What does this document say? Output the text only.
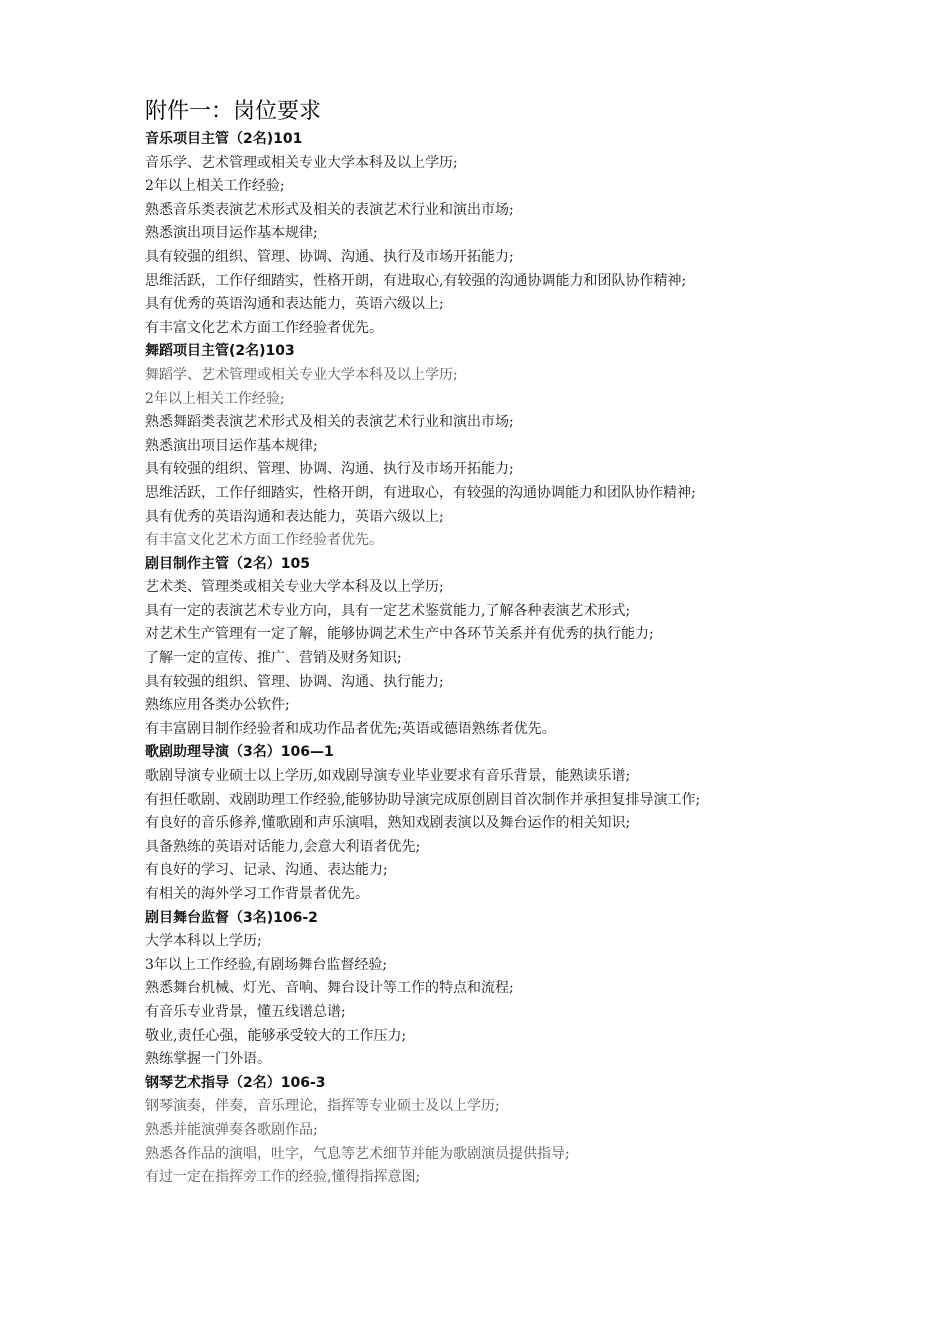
附件一：岗位要求

音乐项目主管（2名)101

音乐学、艺术管理或相关专业大学本科及以上学历;

2年以上相关工作经验;

熟悉音乐类表演艺术形式及相关的表演艺术行业和演出市场;

熟悉演出项目运作基本规律;

具有较强的组织、管理、协调、沟通、执行及市场开拓能力;

思维活跃，工作仔细踏实，性格开朗，有进取心,有较强的沟通协调能力和团队协作精神;

具有优秀的英语沟通和表达能力，英语六级以上;

有丰富文化艺术方面工作经验者优先。

舞蹈项目主管(2名)103

舞蹈学、艺术管理或相关专业大学本科及以上学历;

2年以上相关工作经验;

熟悉舞蹈类表演艺术形式及相关的表演艺术行业和演出市场;

熟悉演出项目运作基本规律;

具有较强的组织、管理、协调、沟通、执行及市场开拓能力;

思维活跃，工作仔细踏实，性格开朗，有进取心，有较强的沟通协调能力和团队协作精神;

具有优秀的英语沟通和表达能力，英语六级以上;

有丰富文化艺术方面工作经验者优先。

剧目制作主管（2名）105

艺术类、管理类或相关专业大学本科及以上学历;

具有一定的表演艺术专业方向，具有一定艺术鉴赏能力,了解各种表演艺术形式;

对艺术生产管理有一定了解，能够协调艺术生产中各环节关系并有优秀的执行能力;

了解一定的宣传、推广、营销及财务知识;

具有较强的组织、管理、协调、沟通、执行能力;

熟练应用各类办公软件;

有丰富剧目制作经验者和成功作品者优先;英语或德语熟练者优先。

歌剧助理导演（3名）106—1

歌剧导演专业硕士以上学历,如戏剧导演专业毕业要求有音乐背景，能熟读乐谱;

有担任歌剧、戏剧助理工作经验,能够协助导演完成原创剧目首次制作并承担复排导演工作;

有良好的音乐修养,懂歌剧和声乐演唱，熟知戏剧表演以及舞台运作的相关知识;

具备熟练的英语对话能力,会意大利语者优先;

有良好的学习、记录、沟通、表达能力;

有相关的海外学习工作背景者优先。

剧目舞台监督（3名)106-2

大学本科以上学历;

3年以上工作经验,有剧场舞台监督经验;

熟悉舞台机械、灯光、音响、舞台设计等工作的特点和流程;

有音乐专业背景，懂五线谱总谱;

敬业,责任心强，能够承受较大的工作压力;

熟练掌握一门外语。

钢琴艺术指导（2名）106-3

钢琴演奏，伴奏，音乐理论，指挥等专业硕士及以上学历;

熟悉并能演弹奏各歌剧作品;

熟悉各作品的演唱，吐字，气息等艺术细节并能为歌剧演员提供指导;

有过一定在指挥旁工作的经验,懂得指挥意图;
